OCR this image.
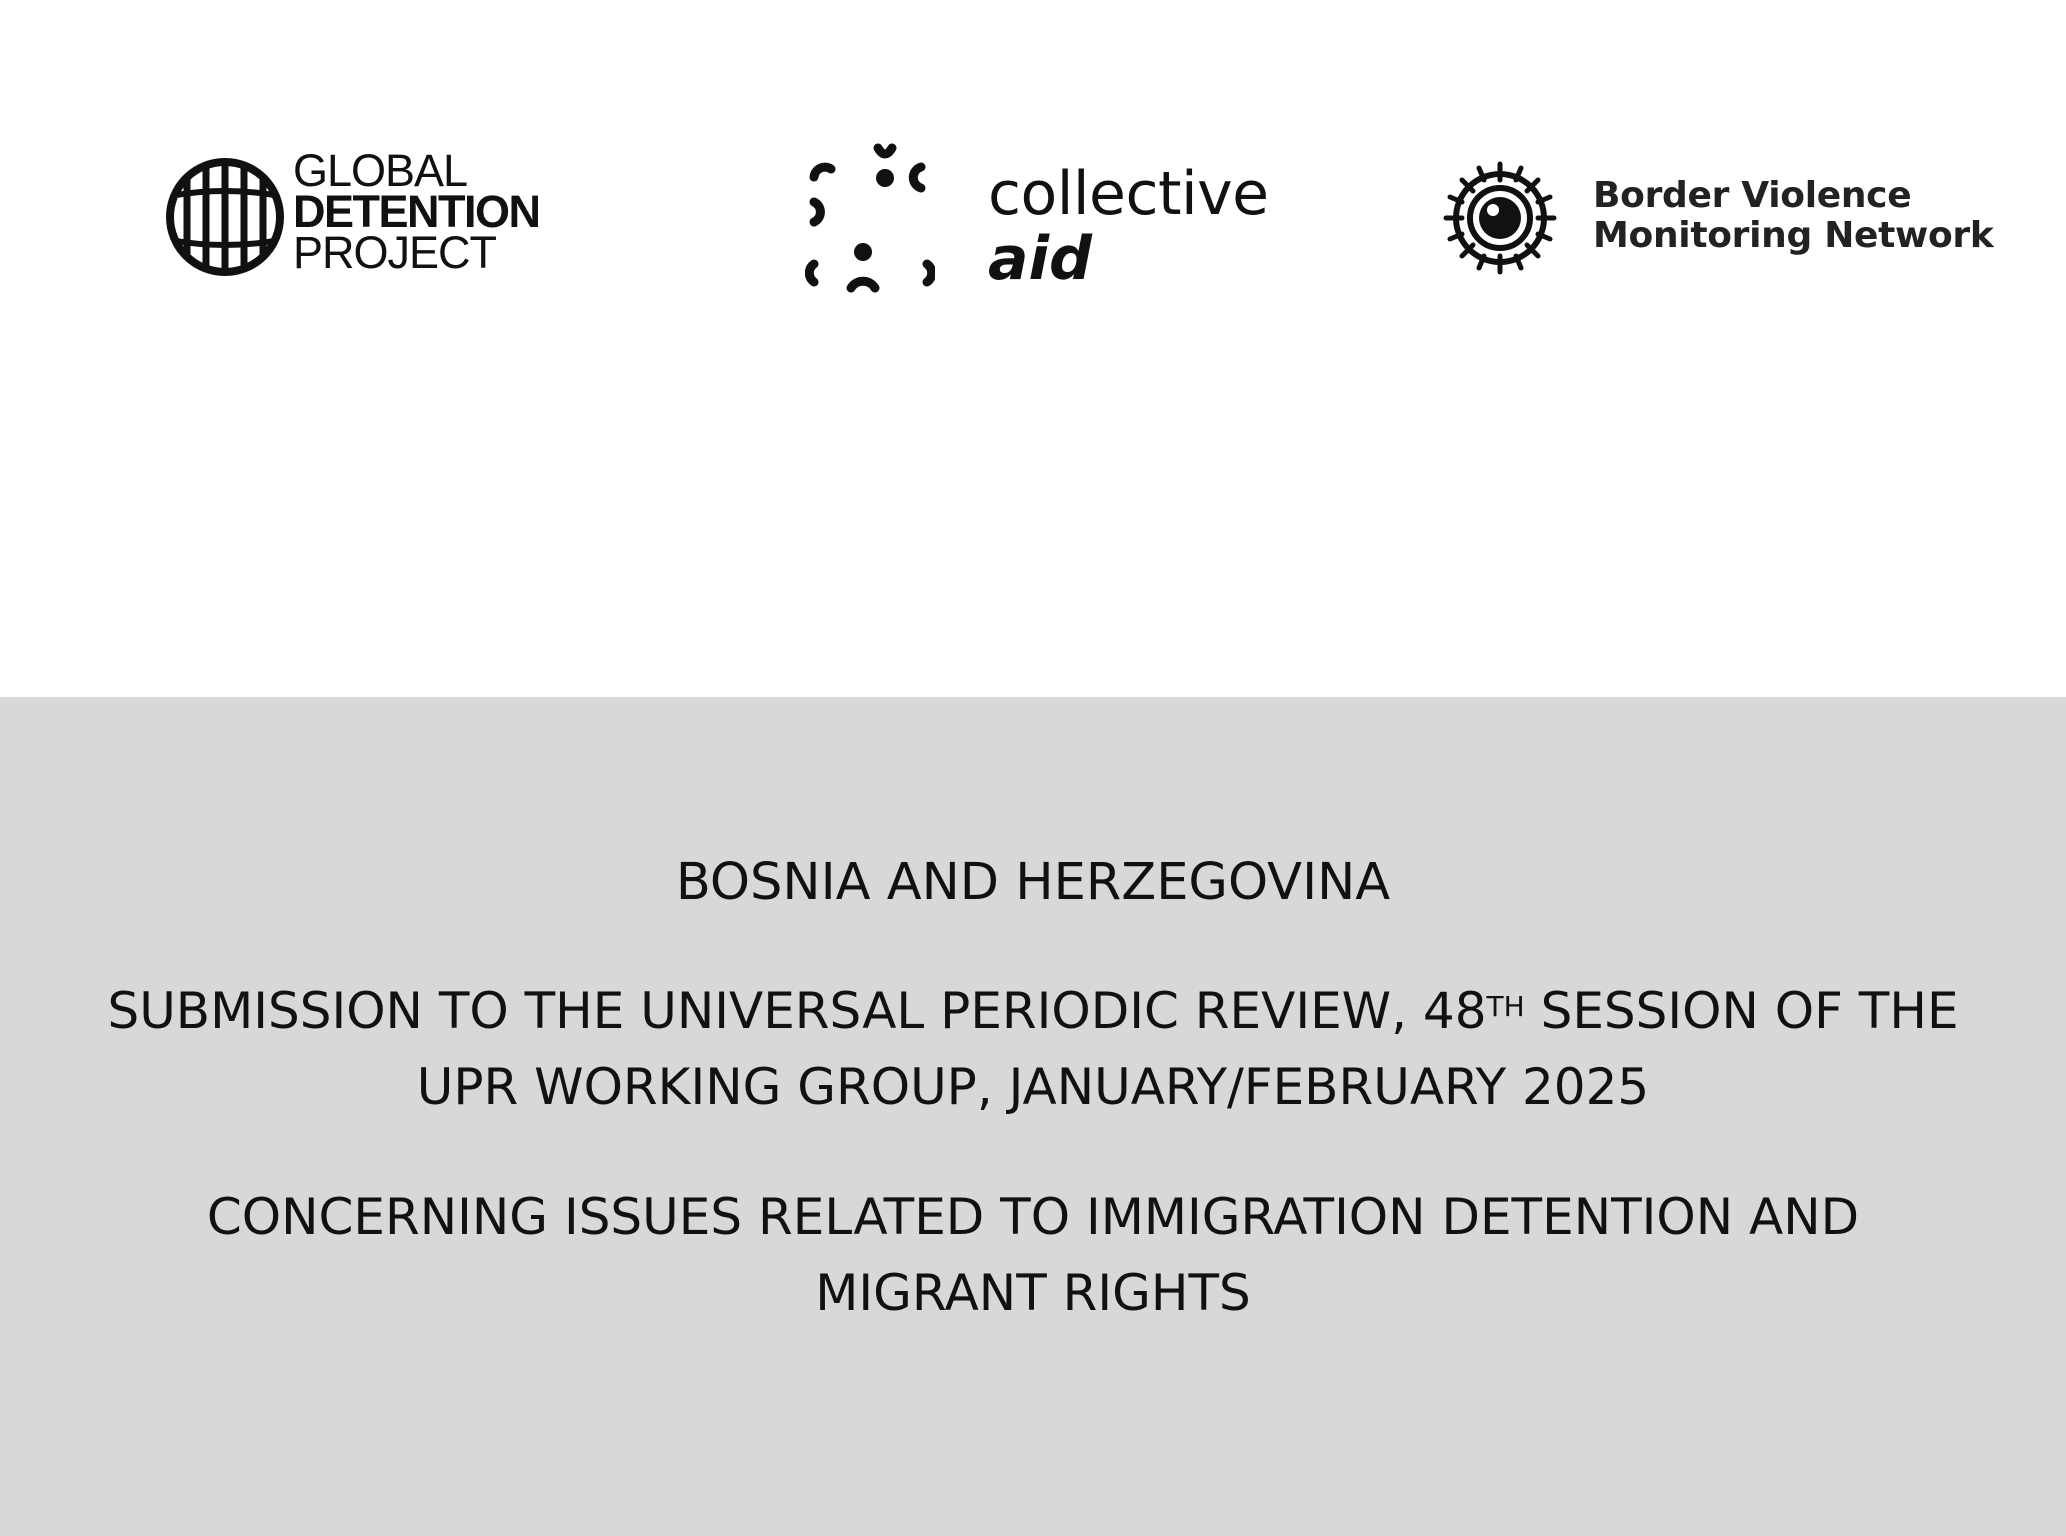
GLOBAL
DETENTION
PROJECT
collective
aid
Border Violence
Monitoring Network
BOSNIA AND HERZEGOVINA
SUBMISSION TO THE UNIVERSAL PERIODIC REVIEW, 48TH SESSION OF THE
UPR WORKING GROUP, JANUARY/FEBRUARY 2025
CONCERNING ISSUES RELATED TO IMMIGRATION DETENTION AND
MIGRANT RIGHTS
